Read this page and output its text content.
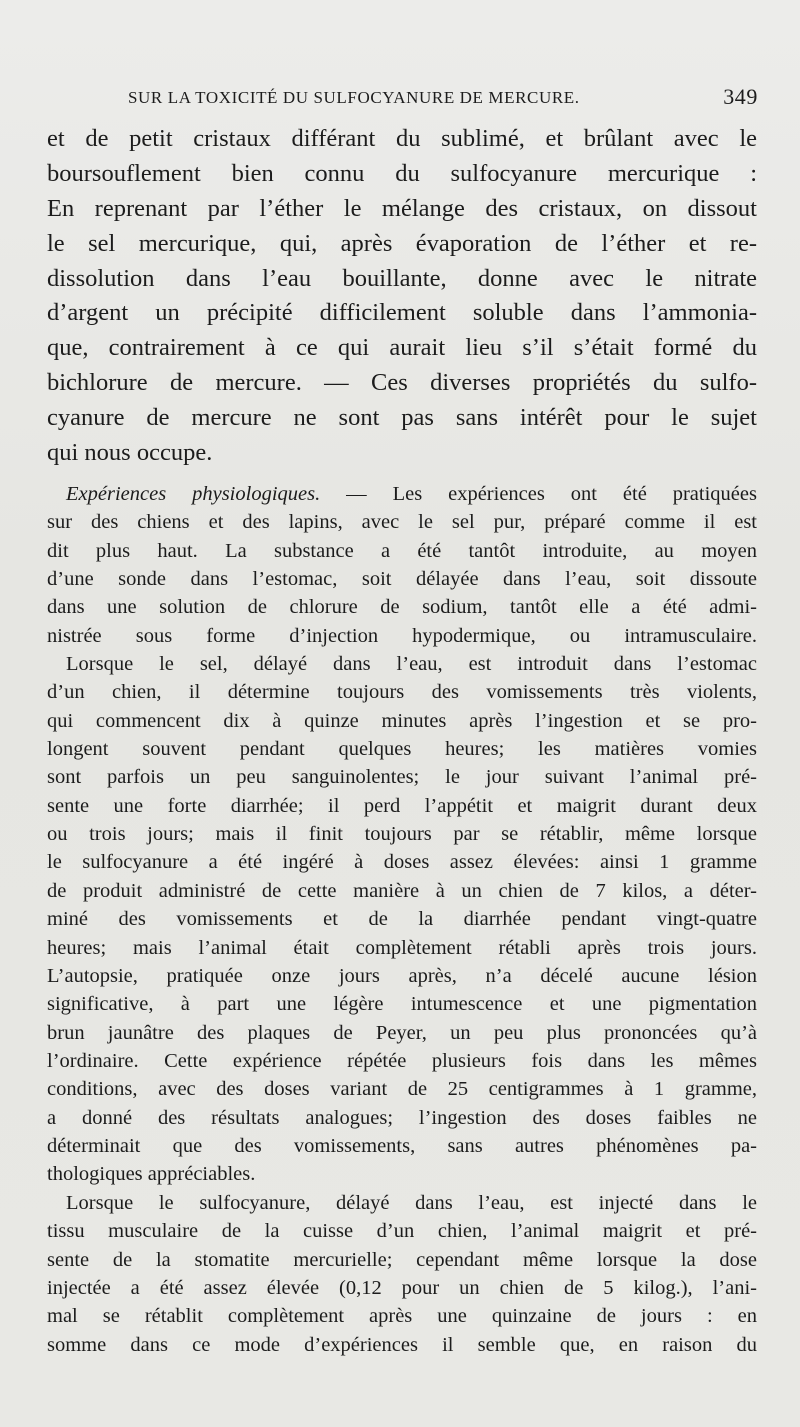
SUR LA TOXICITÉ DU SULFOCYANURE DE MERCURE.	349
et de petit cristaux différant du sublimé, et brûlant avec le
boursouflement bien connu du sulfocyanure mercurique :
En reprenant par l’éther le mélange des cristaux, on dissout
le sel mercurique, qui, après évaporation de l’éther et re-
dissolution dans l’eau bouillante, donne avec le nitrate
d’argent un précipité difficilement soluble dans l’ammonia-
que, contrairement à ce qui aurait lieu s’il s’était formé du
bichlorure de mercure. — Ces diverses propriétés du sulfo-
cyanure de mercure ne sont pas sans intérêt pour le sujet
qui nous occupe.
Expériences physiologiques. — Les expériences ont été pratiquées
sur des chiens et des lapins, avec le sel pur, préparé comme il est
dit plus haut. La substance a été tantôt introduite, au moyen
d’une sonde dans l’estomac, soit délayée dans l’eau, soit dissoute
dans une solution de chlorure de sodium, tantôt elle a été admi-
nistrée sous forme d’injection hypodermique, ou intramusculaire.
Lorsque le sel, délayé dans l’eau, est introduit dans l’estomac
d’un chien, il détermine toujours des vomissements très violents,
qui commencent dix à quinze minutes après l’ingestion et se pro-
longent souvent pendant quelques heures; les matières vomies
sont parfois un peu sanguinolentes; le jour suivant l’animal pré-
sente une forte diarrhée; il perd l’appétit et maigrit durant deux
ou trois jours; mais il finit toujours par se rétablir, même lorsque
le sulfocyanure a été ingéré à doses assez élevées: ainsi 1 gramme
de produit administré de cette manière à un chien de 7 kilos, a déter-
miné des vomissements et de la diarrhée pendant vingt-quatre
heures; mais l’animal était complètement rétabli après trois jours.
L’autopsie, pratiquée onze jours après, n’a décelé aucune lésion
significative, à part une légère intumescence et une pigmentation
brun jaunâtre des plaques de Peyer, un peu plus prononcées qu’à
l’ordinaire. Cette expérience répétée plusieurs fois dans les mêmes
conditions, avec des doses variant de 25 centigrammes à 1 gramme,
a donné des résultats analogues; l’ingestion des doses faibles ne
déterminait que des vomissements, sans autres phénomènes pa-
thologiques appréciables.
Lorsque le sulfocyanure, délayé dans l’eau, est injecté dans le
tissu musculaire de la cuisse d’un chien, l’animal maigrit et pré-
sente de la stomatite mercurielle; cependant même lorsque la dose
injectée a été assez élevée (0,12 pour un chien de 5 kilog.), l’ani-
mal se rétablit complètement après une quinzaine de jours : en
somme dans ce mode d’expériences il semble que, en raison du
